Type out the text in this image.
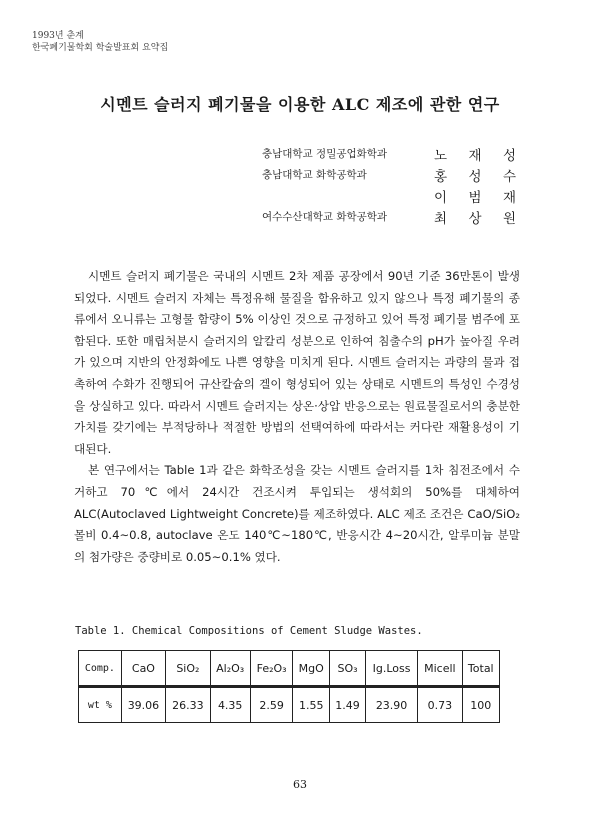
1993년 춘계
한국폐기물학회 학술발표회 요약집
시멘트 슬러지 폐기물을 이용한 ALC 제조에 관한 연구
충남대학교 정밀공업화학과	노 재 성
충남대학교 화학공학과	홍 성 수
이 범 재
여수수산대학교 화학공학과	최 상 원

시멘트 슬러지 폐기물은 국내의 시멘트 2차 제품 공장에서 90년 기준 36만톤이 발생되었다. 시멘트 슬러지 자체는 특정유해 물질을 함유하고 있지 않으나 특정 폐기물의 종류에서 오니류는 고형물 함량이 5% 이상인 것으로 규정하고 있어 특정 폐기물 범주에 포함된다. 또한 매립처분시 슬러지의 알칼리 성분으로 인하여 침출수의 pH가 높아질 우려가 있으며 지반의 안정화에도 나쁜 영향을 미치게 된다. 시멘트 슬러지는 과량의 물과 접촉하여 수화가 진행되어 규산칼슘의 겔이 형성되어 있는 상태로 시멘트의 특성인 수경성을 상실하고 있다. 따라서 시멘트 슬러지는 상온·상압 반응으로는 원료물질로서의 충분한 가치를 갖기에는 부적당하나 적절한 방법의 선택여하에 따라서는 커다란 재활용성이 기대된다.

본 연구에서는 Table 1과 같은 화학조성을 갖는 시멘트 슬러지를 1차 침전조에서 수거하고 70℃에서 24시간 건조시켜 투입되는 생석회의 50%를 대체하여 ALC(Autoclaved Lightweight Concrete)를 제조하였다. ALC 제조 조건은 CaO/SiO₂ 몰비 0.4∼0.8, autoclave 온도 140℃∼180℃, 반응시간 4∼20시간, 알루미늄 분말의 첨가량은 중량비로 0.05∼0.1% 였다.

Table 1. Chemical Compositions of Cement Sludge Wastes.
Comp.	CaO	SiO₂	Al₂O₃	Fe₂O₃	MgO	SO₃	Ig.Loss	Micell	Total
wt %	39.06	26.33	4.35	2.59	1.55	1.49	23.90	0.73	100
63
